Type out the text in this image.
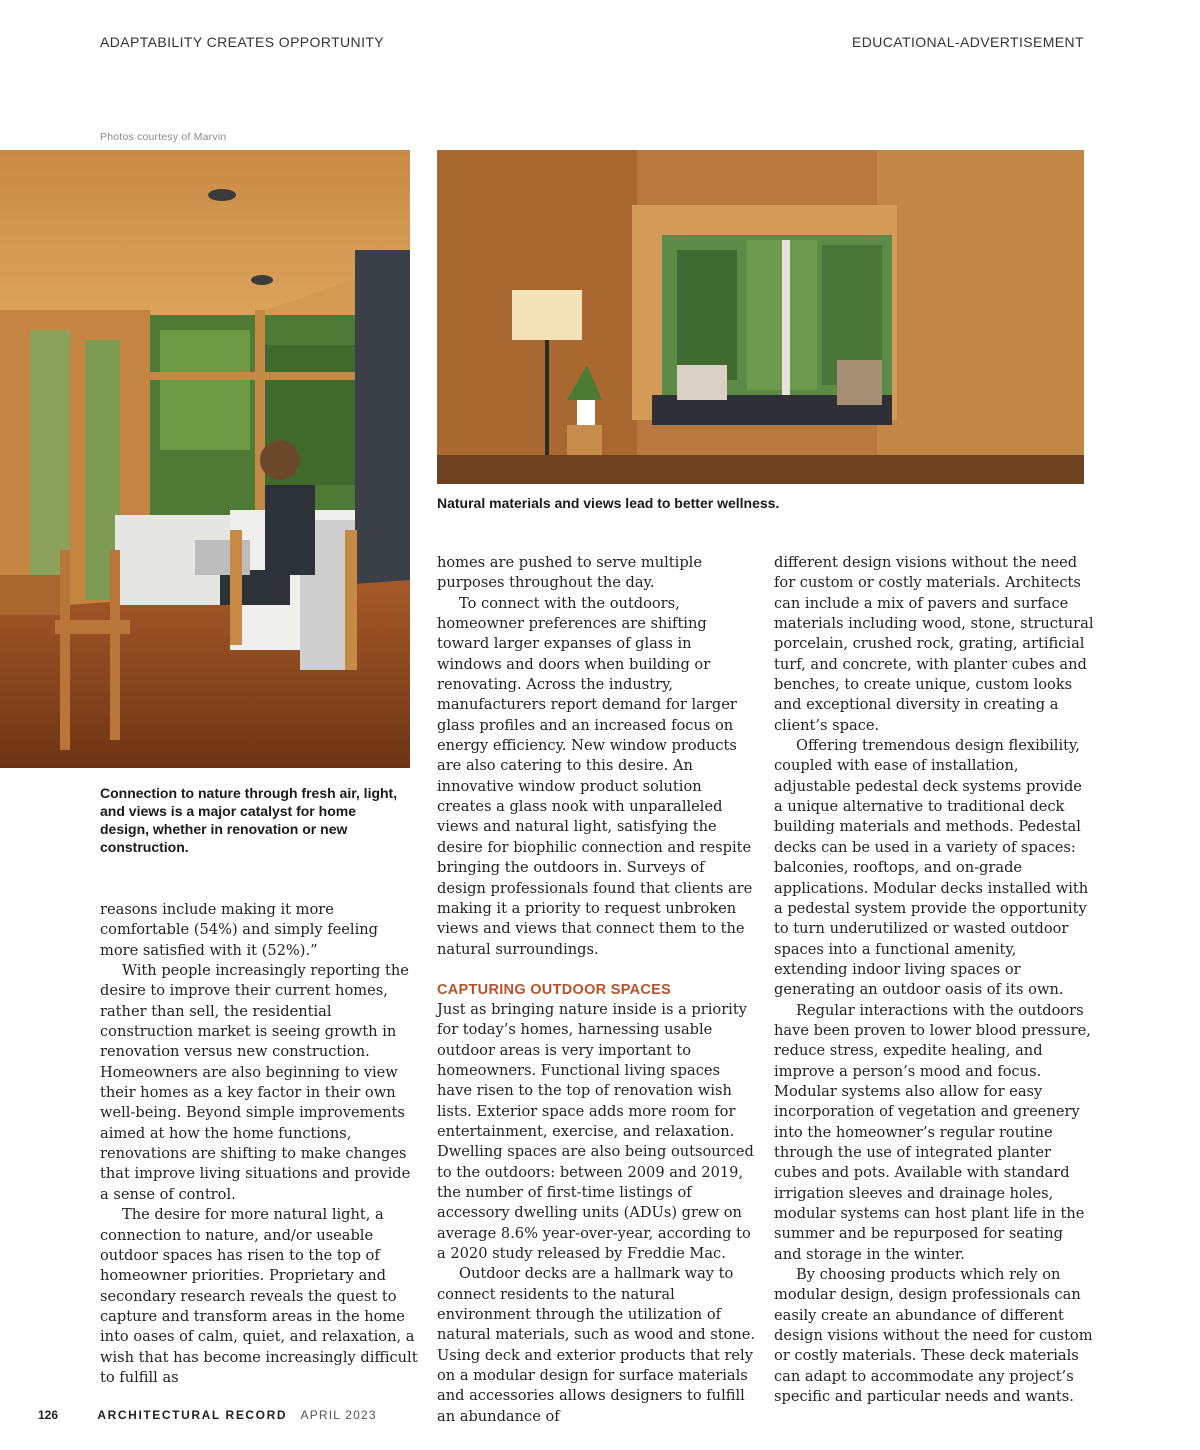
ADAPTABILITY CREATES OPPORTUNITY	EDUCATIONAL-ADVERTISEMENT
Photos courtesy of Marvin
Natural materials and views lead to better wellness.
Connection to nature through fresh air, light, and views is a major catalyst for home design, whether in renovation or new construction.

reasons include making it more comfortable (54%) and simply feeling more satisfied with it (52%).”

With people increasingly reporting the desire to improve their current homes, rather than sell, the residential construction market is seeing growth in renovation versus new construction. Homeowners are also beginning to view their homes as a key factor in their own well-being. Beyond simple improvements aimed at how the home functions, renovations are shifting to make changes that improve living situations and provide a sense of control.

The desire for more natural light, a connection to nature, and/or useable outdoor spaces has risen to the top of homeowner priorities. Proprietary and secondary research reveals the quest to capture and transform areas in the home into oases of calm, quiet, and relaxation, a wish that has become increasingly difficult to fulfill as

homes are pushed to serve multiple purposes throughout the day.

To connect with the outdoors, homeowner preferences are shifting toward larger expanses of glass in windows and doors when building or renovating. Across the industry, manufacturers report demand for larger glass profiles and an increased focus on energy efficiency. New window products are also catering to this desire. An innovative window product solution creates a glass nook with unparalleled views and natural light, satisfying the desire for biophilic connection and respite bringing the outdoors in. Surveys of design professionals found that clients are making it a priority to request unbroken views and views that connect them to the natural surroundings.

CAPTURING OUTDOOR SPACES

Just as bringing nature inside is a priority for today’s homes, harnessing usable outdoor areas is very important to homeowners. Functional living spaces have risen to the top of renovation wish lists. Exterior space adds more room for entertainment, exercise, and relaxation. Dwelling spaces are also being outsourced to the outdoors: between 2009 and 2019, the number of first-time listings of accessory dwelling units (ADUs) grew on average 8.6% year-over-year, according to a 2020 study released by Freddie Mac.

Outdoor decks are a hallmark way to connect residents to the natural environment through the utilization of natural materials, such as wood and stone. Using deck and exterior products that rely on a modular design for surface materials and accessories allows designers to fulfill an abundance of

different design visions without the need for custom or costly materials. Architects can include a mix of pavers and surface materials including wood, stone, structural porcelain, crushed rock, grating, artificial turf, and concrete, with planter cubes and benches, to create unique, custom looks and exceptional diversity in creating a client’s space.

Offering tremendous design flexibility, coupled with ease of installation, adjustable pedestal deck systems provide a unique alternative to traditional deck building materials and methods. Pedestal decks can be used in a variety of spaces: balconies, rooftops, and on-grade applications. Modular decks installed with a pedestal system provide the opportunity to turn underutilized or wasted outdoor spaces into a functional amenity, extending indoor living spaces or generating an outdoor oasis of its own.

Regular interactions with the outdoors have been proven to lower blood pressure, reduce stress, expedite healing, and improve a person’s mood and focus. Modular systems also allow for easy incorporation of vegetation and greenery into the homeowner’s regular routine through the use of integrated planter cubes and pots. Available with standard irrigation sleeves and drainage holes, modular systems can host plant life in the summer and be repurposed for seating and storage in the winter.

By choosing products which rely on modular design, design professionals can easily create an abundance of different design visions without the need for custom or costly materials. These deck materials can adapt to accommodate any project’s specific and particular needs and wants.

126	ARCHITECTURAL RECORD APRIL 2023
